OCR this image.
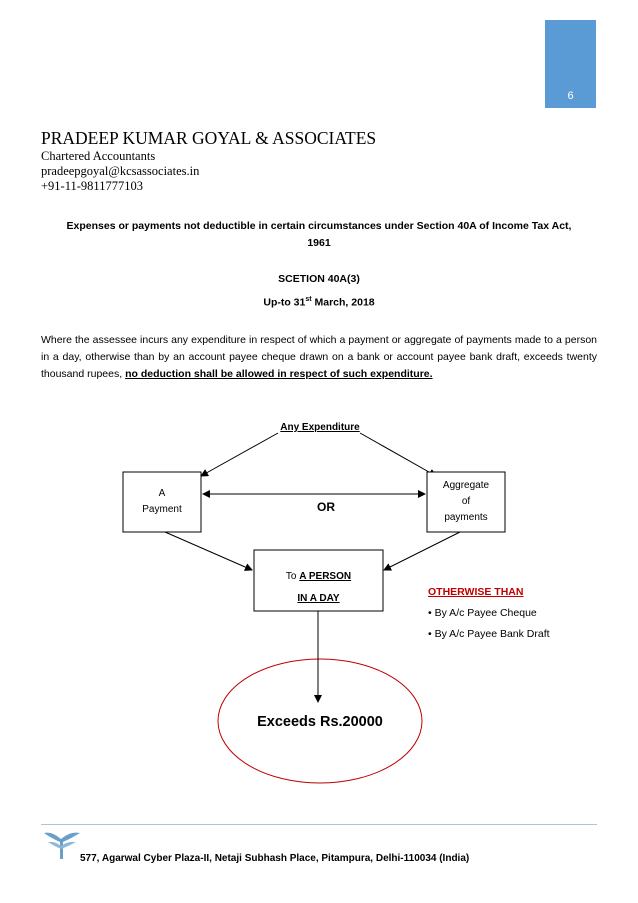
6
PRADEEP KUMAR GOYAL & ASSOCIATES
Chartered Accountants
pradeepgoyal@kcsassociates.in
+91-11-9811777103
Expenses or payments not deductible in certain circumstances under Section 40A of Income Tax Act,
1961
SCETION 40A(3)
Up-to 31st March, 2018
Where the assessee incurs any expenditure in respect of which a payment or aggregate of payments made to a person in a day, otherwise than by an account payee cheque drawn on a bank or account payee bank draft, exceeds twenty thousand rupees, no deduction shall be allowed in respect of such expenditure.
Any Expenditure
A
Payment	OR
Aggregate
of
payments
To A PERSON
IN A DAY
Exceeds Rs.20000
OTHERWISE THAN
• By A/c Payee Cheque
• By A/c Payee Bank Draft
577, Agarwal Cyber Plaza-II, Netaji Subhash Place, Pitampura, Delhi-110034 (India)
